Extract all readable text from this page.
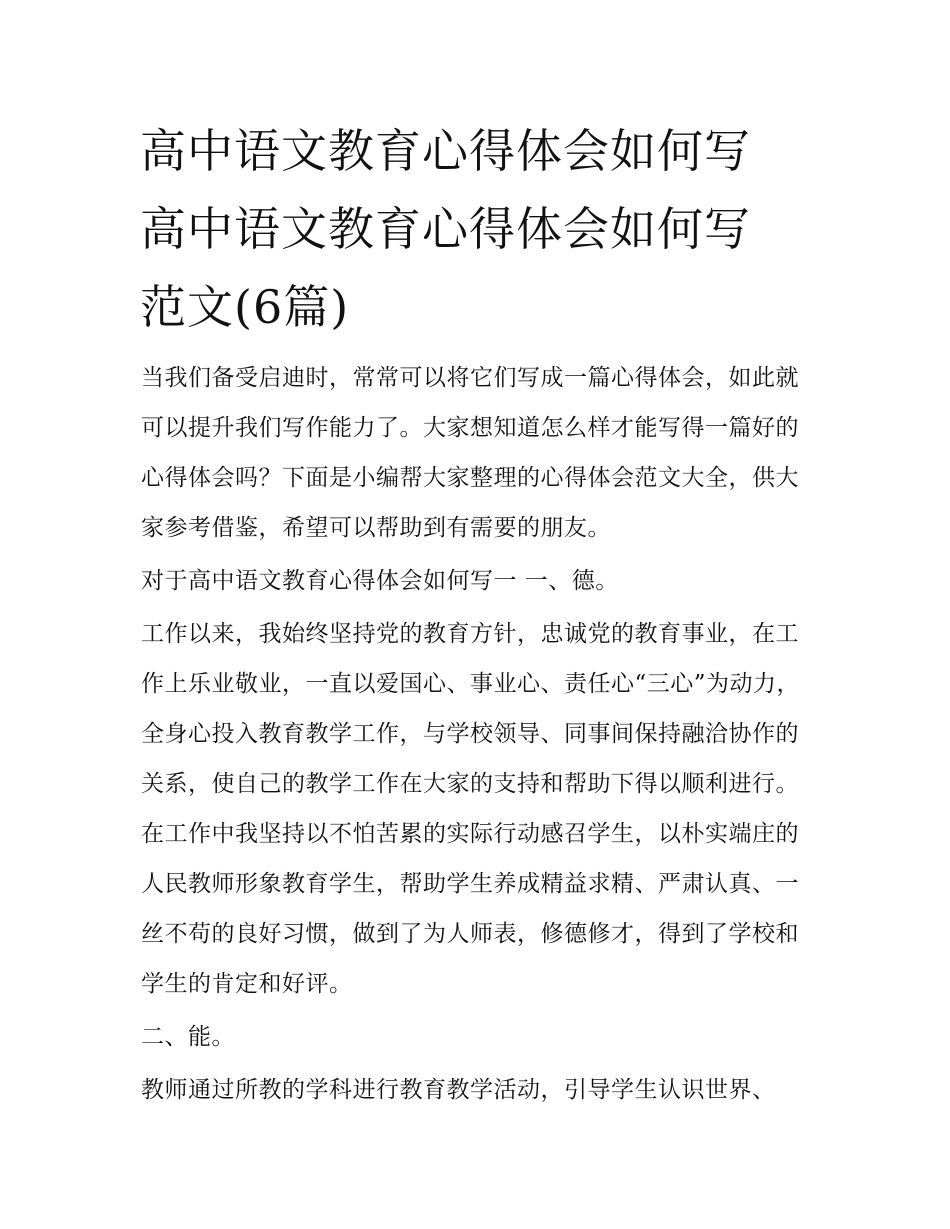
高中语文教育心得体会如何写
高中语文教育心得体会如何写
范文(6篇)

当我们备受启迪时，常常可以将它们写成一篇心得体会，如此就可以提升我们写作能力了。大家想知道怎么样才能写得一篇好的心得体会吗？下面是小编帮大家整理的心得体会范文大全，供大家参考借鉴，希望可以帮助到有需要的朋友。

对于高中语文教育心得体会如何写一 一、德。

工作以来，我始终坚持党的教育方针，忠诚党的教育事业，在工作上乐业敬业，一直以爱国心、事业心、责任心“三心”为动力，全身心投入教育教学工作，与学校领导、同事间保持融洽协作的关系，使自己的教学工作在大家的支持和帮助下得以顺利进行。在工作中我坚持以不怕苦累的实际行动感召学生，以朴实端庄的人民教师形象教育学生，帮助学生养成精益求精、严肃认真、一丝不苟的良好习惯，做到了为人师表，修德修才，得到了学校和学生的肯定和好评。

二、能。

教师通过所教的学科进行教育教学活动，引导学生认识世界、
